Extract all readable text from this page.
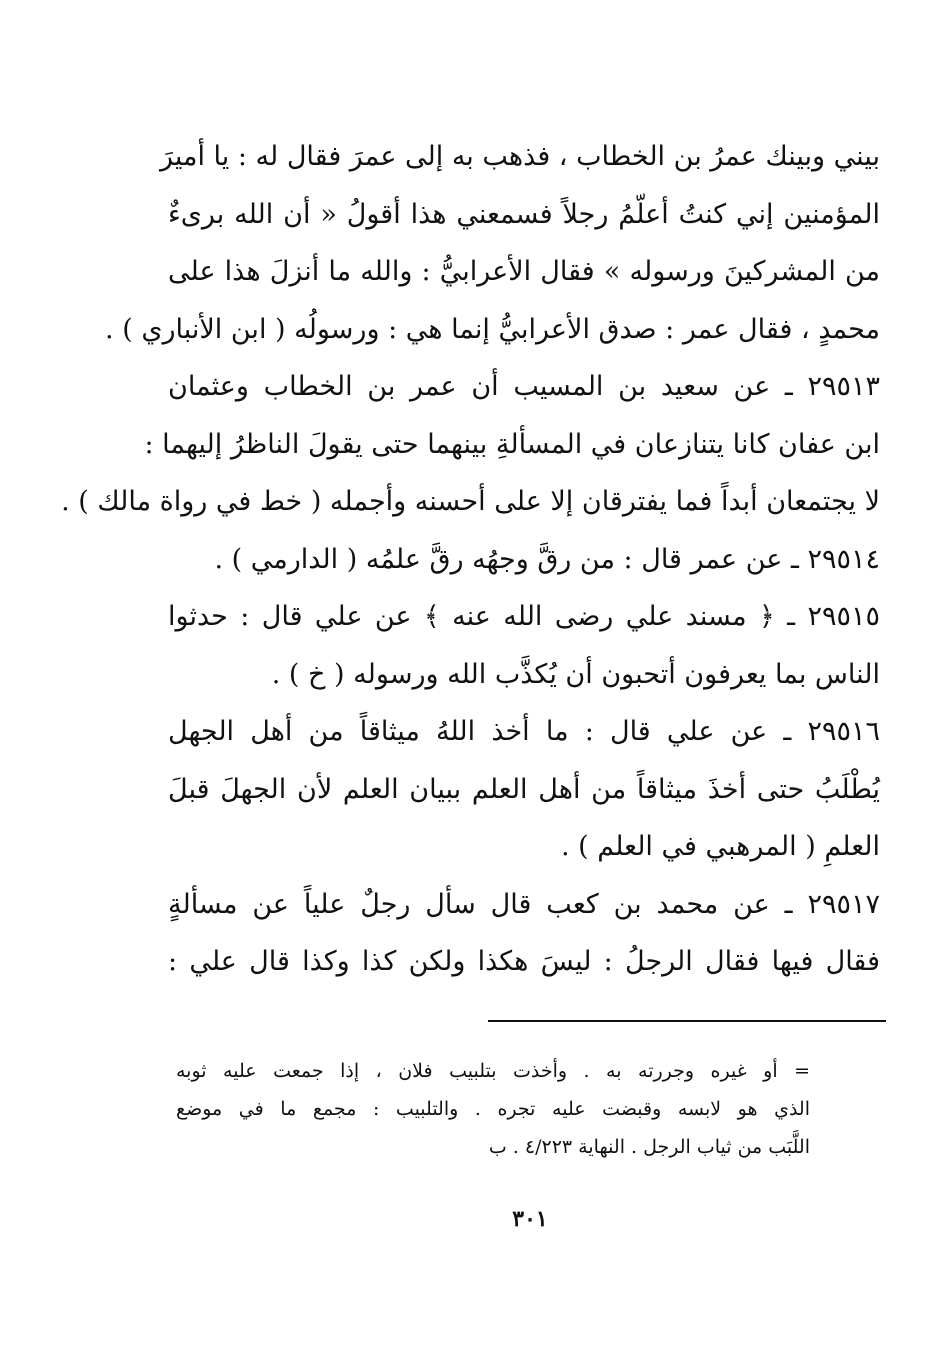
بيني وبينك عمرُ بن الخطاب ، فذهب به إلى عمرَ فقال له : يا أميرَ
المؤمنين إني كنتُ أعلّمُ رجلاً فسمعني هذا أقولُ « أن الله برىءٌ
من المشركينَ ورسوله » فقال الأعرابيُّ : والله ما أنزلَ هذا على
محمدٍ ، فقال عمر : صدق الأعرابيُّ إنما هي : ورسولُه ( ابن الأنباري ) .
٢٩٥١٣ ـ عن سعيد بن المسيب أن عمر بن الخطاب وعثمان
ابن عفان كانا يتنازعان في المسألةِ بينهما حتى يقولَ الناظرُ إليهما :
لا يجتمعان أبداً فما يفترقان إلا على أحسنه وأجمله ( خط في رواة مالك ) .
٢٩٥١٤ ـ عن عمر قال : من رقَّ وجهُه رقَّ علمُه ( الدارمي ) .
٢٩٥١٥ ـ ﴿ مسند علي رضى الله عنه ﴾ عن علي قال : حدثوا
الناس بما يعرفون أتحبون أن يُكذَّب الله ورسوله ( خ ) .
٢٩٥١٦ ـ عن علي قال : ما أخذ اللهُ ميثاقاً من أهل الجهل
يُطْلَبُ حتى أخذَ ميثاقاً من أهل العلم ببيان العلم لأن الجهلَ قبلَ
العلمِ ( المرهبي في العلم ) .
٢٩٥١٧ ـ عن محمد بن كعب قال سأل رجلٌ علياً عن مسألةٍ
فقال فيها فقال الرجلُ : ليسَ هكذا ولكن كذا وكذا قال علي :
= أو غيره وجررته به . وأخذت بتلبيب فلان ، إذا جمعت عليه ثوبه
الذي هو لابسه وقبضت عليه تجره . والتلبيب : مجمع ما في موضع
اللَّبَب من ثياب الرجل . النهاية ٤/٢٢٣ . ب
٣٠١
